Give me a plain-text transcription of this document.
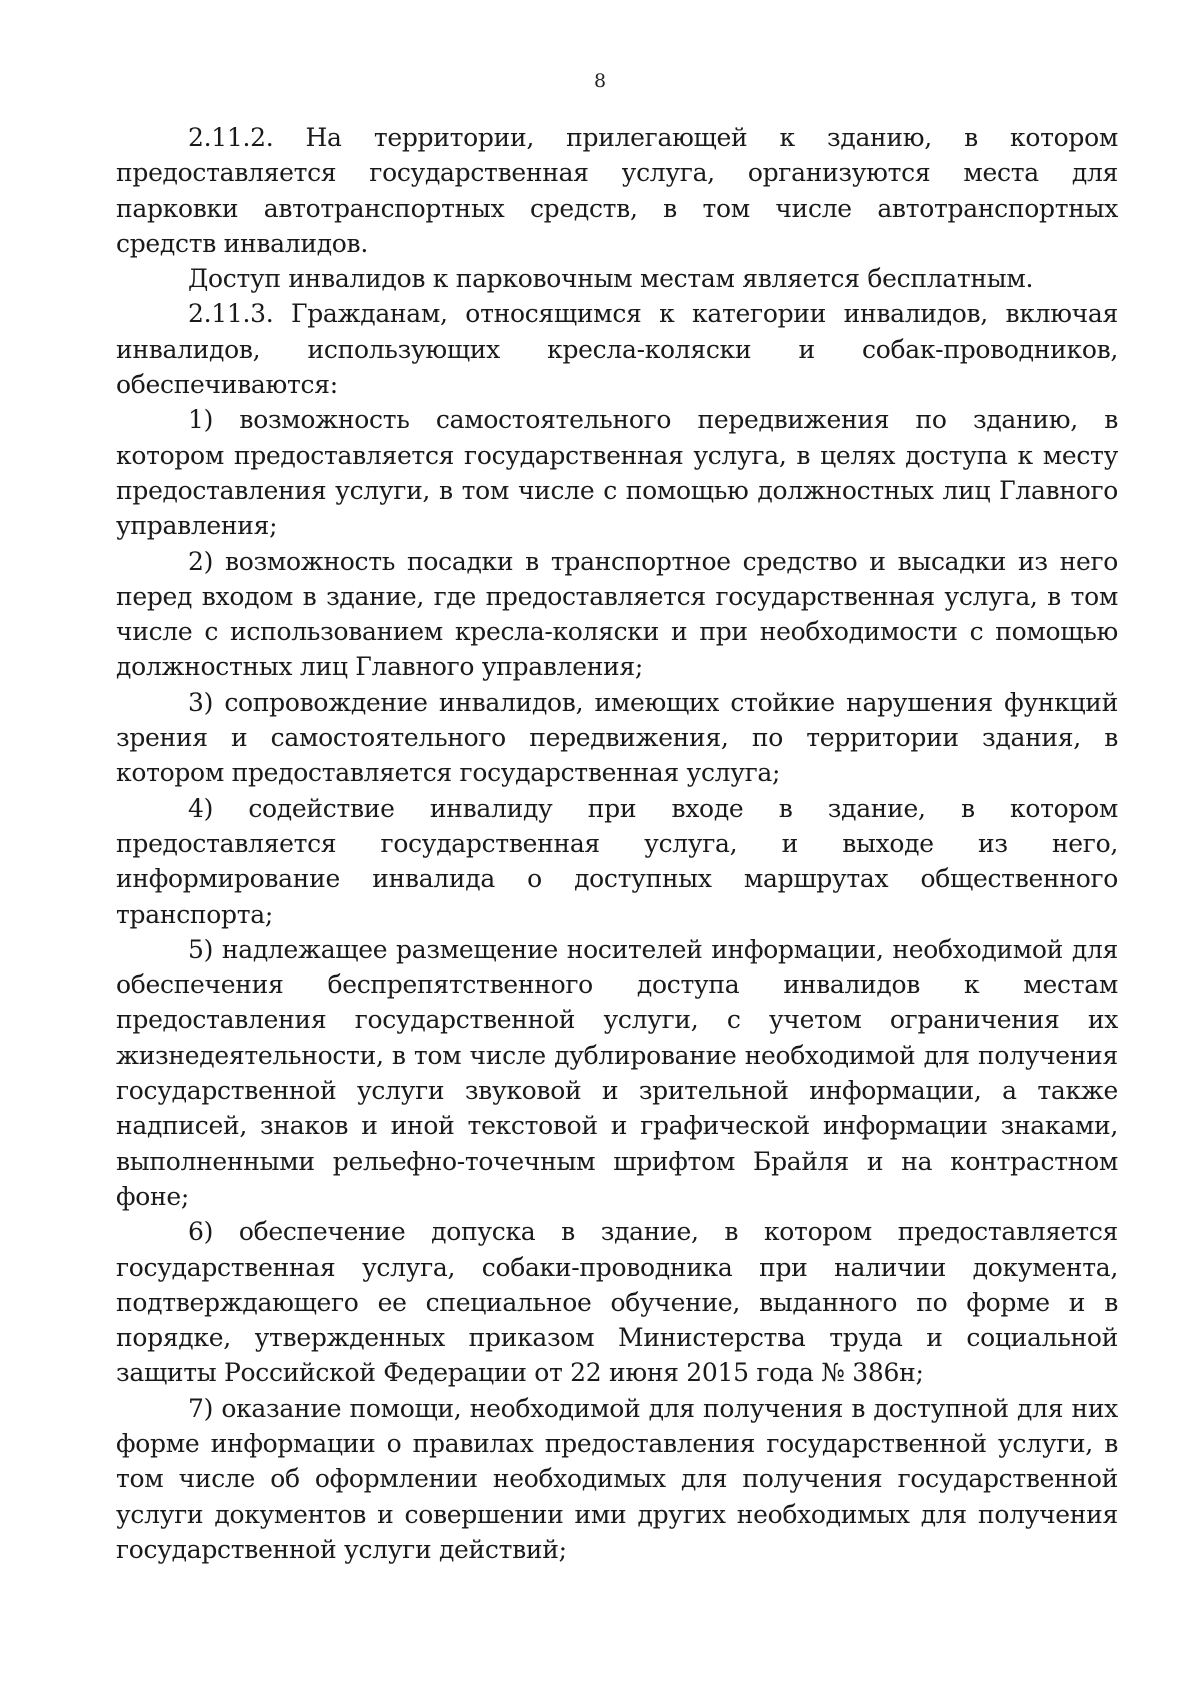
8

2.11.2. На территории, прилегающей к зданию, в котором предоставляется государственная услуга, организуются места для парковки автотранспортных средств, в том числе автотранспортных средств инвалидов.

Доступ инвалидов к парковочным местам является бесплатным.

2.11.3. Гражданам, относящимся к категории инвалидов, включая инвалидов, использующих кресла-коляски и собак-проводников, обеспечиваются:

1) возможность самостоятельного передвижения по зданию, в котором предоставляется государственная услуга, в целях доступа к месту предоставления услуги, в том числе с помощью должностных лиц Главного управления;

2) возможность посадки в транспортное средство и высадки из него перед входом в здание, где предоставляется государственная услуга, в том числе с использованием кресла-коляски и при необходимости с помощью должностных лиц Главного управления;

3) сопровождение инвалидов, имеющих стойкие нарушения функций зрения и самостоятельного передвижения, по территории здания, в котором предоставляется государственная услуга;

4) содействие инвалиду при входе в здание, в котором предоставляется государственная услуга, и выходе из него, информирование инвалида о доступных маршрутах общественного транспорта;

5) надлежащее размещение носителей информации, необходимой для обеспечения беспрепятственного доступа инвалидов к местам предоставления государственной услуги, с учетом ограничения их жизнедеятельности, в том числе дублирование необходимой для получения государственной услуги звуковой и зрительной информации, а также надписей, знаков и иной текстовой и графической информации знаками, выполненными рельефно-точечным шрифтом Брайля и на контрастном фоне;

6) обеспечение допуска в здание, в котором предоставляется государственная услуга, собаки-проводника при наличии документа, подтверждающего ее специальное обучение, выданного по форме и в порядке, утвержденных приказом Министерства труда и социальной защиты Российской Федерации от 22 июня 2015 года № 386н;

7) оказание помощи, необходимой для получения в доступной для них форме информации о правилах предоставления государственной услуги, в том числе об оформлении необходимых для получения государственной услуги документов и совершении ими других необходимых для получения государственной услуги действий;
